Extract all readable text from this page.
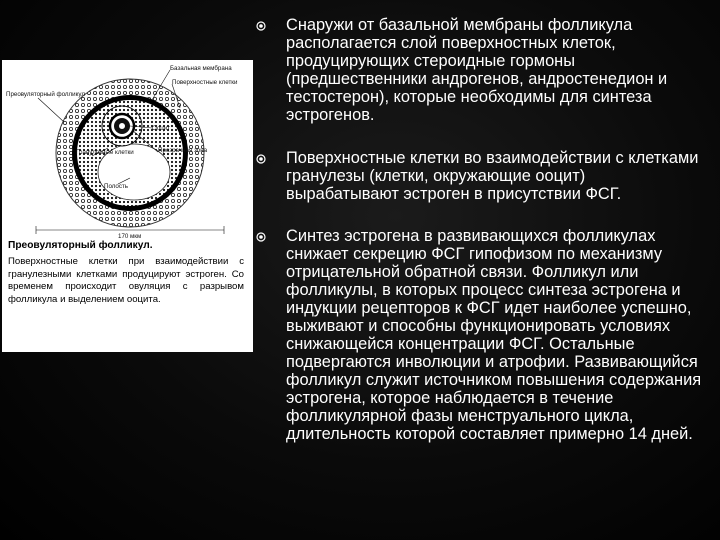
Базальная мембрана
Поверхностные клетки
Преовуляторный фолликул
Ооцит
Гранулезные клетки	Прозрачная зона
Полость
170 мкм
Преовуляторный фолликул.
Поверхностные клетки при взаимодействии с гранулезными клетками продуцируют эстроген. Со временем происходит овуляция с разрывом фолликула и выделением ооцита.
Снаружи от базальной мембраны фолликула располагается слой поверхностных клеток, продуцирующих стероидные гормоны (предшественники андрогенов, андростенедион и тестостерон), которые необходимы для синтеза эстрогенов.
Поверхностные клетки во взаимодействии с клетками гранулезы (клетки, окружающие ооцит) вырабатывают эстроген в присутствии ФСГ.
Синтез эстрогена в развивающихся фолликулах снижает секрецию ФСГ гипофизом по механизму отрицательной обратной связи. Фолликул или фолликулы, в которых процесс синтеза эстрогена и индукции рецепторов к ФСГ идет наиболее успешно, выживают и способны функционировать условиях снижающейся концентрации ФСГ. Остальные подвергаются инволюции и атрофии. Развивающийся фолликул служит источником повышения содержания эстрогена, которое наблюдается в течение фолликулярной фазы менструального цикла, длительность которой составляет примерно 14 дней.
